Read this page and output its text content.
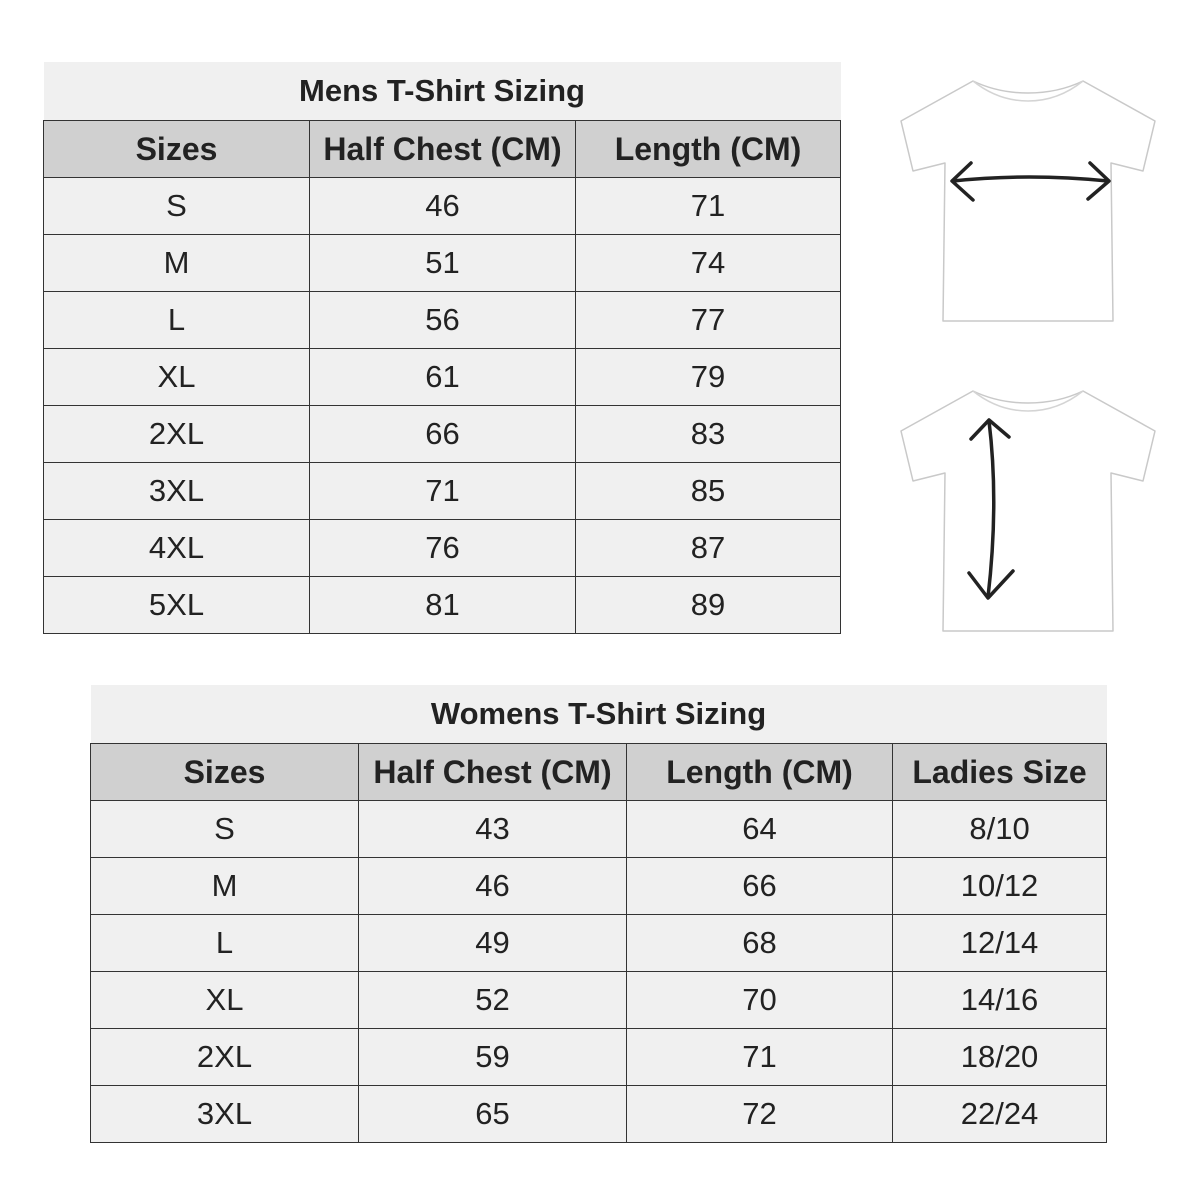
Mens T-Shirt Sizing		
Sizes	Half Chest (CM)	Length (CM)
S	46	71
M	51	74
L	56	77
XL	61	79
2XL	66	83
3XL	71	85
4XL	76	87
5XL	81	89
Womens T-Shirt Sizing			
Sizes	Half Chest (CM)	Length (CM)	Ladies Size
S	43	64	8/10
M	46	66	10/12
L	49	68	12/14
XL	52	70	14/16
2XL	59	71	18/20
3XL	65	72	22/24
